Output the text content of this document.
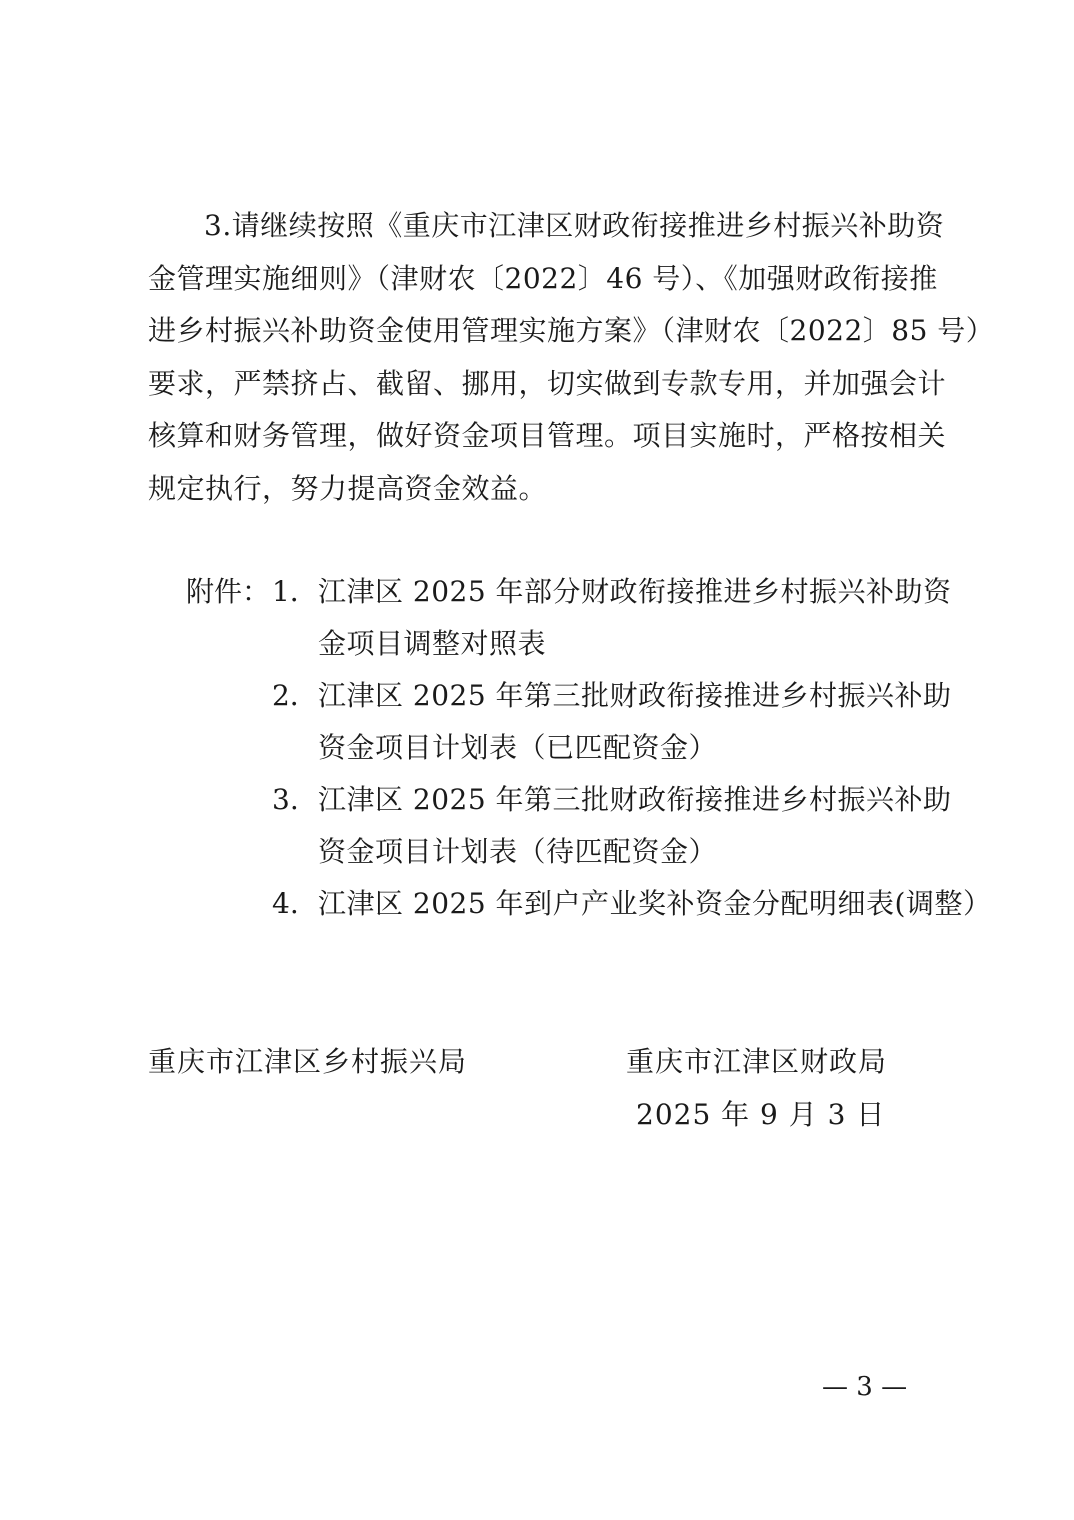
3.请继续按照《重庆市江津区财政衔接推进乡村振兴补助资
金管理实施细则》（津财农〔2022〕46 号）、《加强财政衔接推
进乡村振兴补助资金使用管理实施方案》（津财农〔2022〕85 号）
要求，严禁挤占、截留、挪用，切实做到专款专用，并加强会计
核算和财务管理，做好资金项目管理。项目实施时，严格按相关
规定执行，努力提高资金效益。
附件： 1． 江津区 2025 年部分财政衔接推进乡村振兴补助资
金项目调整对照表
2． 江津区 2025 年第三批财政衔接推进乡村振兴补助
资金项目计划表（已匹配资金）
3. 江津区 2025 年第三批财政衔接推进乡村振兴补助
资金项目计划表（待匹配资金）
4. 江津区 2025 年到户产业奖补资金分配明细表(调整）
重庆市江津区乡村振兴局	重庆市江津区财政局
2025 年 9 月 3 日
— 3 —
